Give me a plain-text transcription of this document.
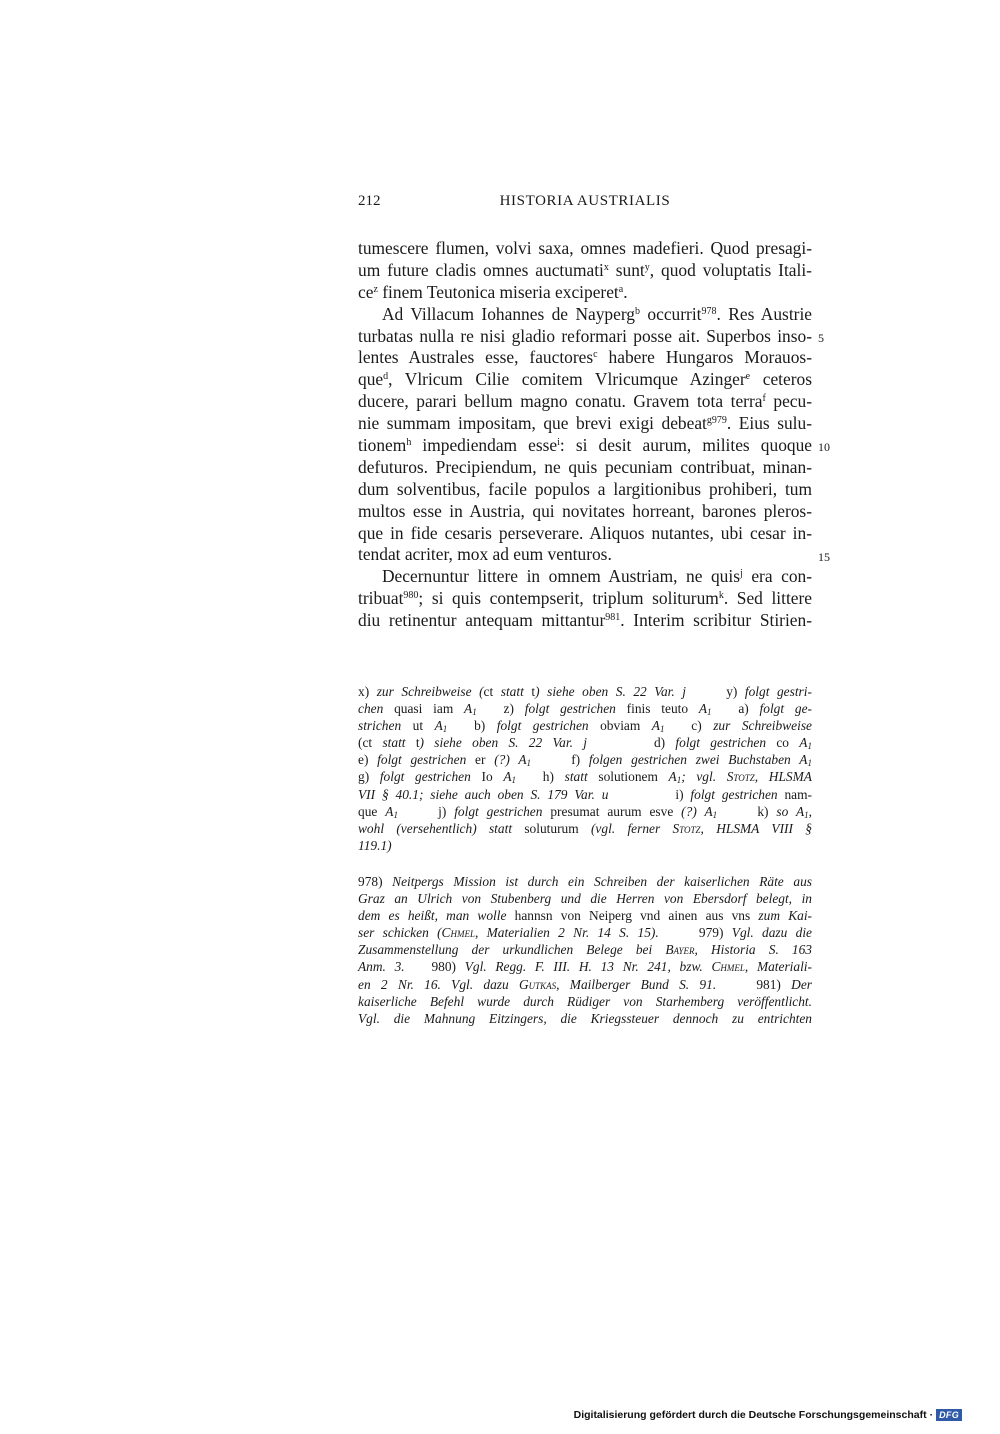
212	HISTORIA AUSTRIALIS
tumescere flumen, volvi saxa, omnes madefieri. Quod presagi-
um future cladis omnes auctumati$^x$ sunt$^y$, quod voluptatis Itali-
$ce^z$ finem Teutonica miseria exciperet$^a$.
Ad Villacum Iohannes de Nayperg$^b$ occurrit$^{978}$. Res Austrie
turbatas nulla re nisi gladio reformari posse ait. Superbos inso-
lentes Australes esse, fauctores$^c$ habere Hungaros Morauos-
que$^d$, Vlricum Cilie comitem Vlricumque Azinger$^e$ ceteros
ducere, parari bellum magno conatu. Gravem tota terra$^f$ pecu-
nie summam impositam, que brevi exigi debeat$^{g979}$. Eius sulu-
tionem$^h$ impediendam esse$^i$: si desit aurum, milites quoque
defuturos. Precipiendum, ne quis pecuniam contribuat, minan-
dum solventibus, facile populos a largitionibus prohiberi, tum
multos esse in Austria, qui novitates horreant, barones pleros-
que in fide cesaris perseverare. Aliquos nutantes, ubi cesar in-
tendat acriter, mox ad eum venturos.
Decernuntur littere in omnem Austriam, ne quis$^j$ era con-
tribuat$^{980}$; si quis contempserit, triplum soliturum$^k$. Sed littere
diu retinentur antequam mittantur$^{981}$. Interim scribitur Stirien-
5
10
15
x) zur Schreibweise (ct statt t) siehe oben S. 22 Var. j   	y) folgt gestri-
chen quasi iam $A_1$   z) folgt gestrichen finis teuto $A_1$   a) folgt ge-
strichen ut $A_1$   b) folgt gestrichen obviam $A_1$   c) zur Schreibweise
(ct statt t) siehe oben S. 22 Var. j     	d) folgt gestrichen co $A_1$
e) folgt gestrichen er (?) $A_1$   	f) folgen gestrichen zwei Buchstaben $A_1$
g) folgt gestrichen Io $A_1$   h) statt solutionem $A_1$; vgl. Stotz, HLSMA
VII § 40.1; siehe auch oben S. 179 Var. u     	i) folgt gestrichen nam-
que $A_1$   	j) folgt gestrichen presumat aurum esve (?) $A_1$   	k) so $A_1$,
wohl (versehentlich) statt soluturum (vgl. ferner Stotz, HLSMA VIII §
119.1)
978) Neitpergs Mission ist durch ein Schreiben der kaiserlichen Räte aus
Graz an Ulrich von Stubenberg und die Herren von Ebersdorf belegt, in
dem es heißt, man wolle hannsn von Neiperg vnd ainen aus vns zum Kai-
ser schicken (Chmel, Materialien 2 Nr. 14 S. 15).   	979) Vgl. dazu die
Zusammenstellung der urkundlichen Belege bei Bayer, Historia S. 163
Anm. 3.   980) Vgl. Regg. F. III. H. 13 Nr. 241, bzw. Chmel, Materiali-
en 2 Nr. 16. Vgl. dazu Gutkas, Mailberger Bund S. 91.   	981) Der
kaiserliche Befehl wurde durch Rüdiger von Starhemberg veröffentlicht.
Vgl. die Mahnung Eitzingers, die Kriegssteuer dennoch zu entrichten
Digitalisierung gefördert durch die Deutsche Forschungsgemeinschaft · DFG
